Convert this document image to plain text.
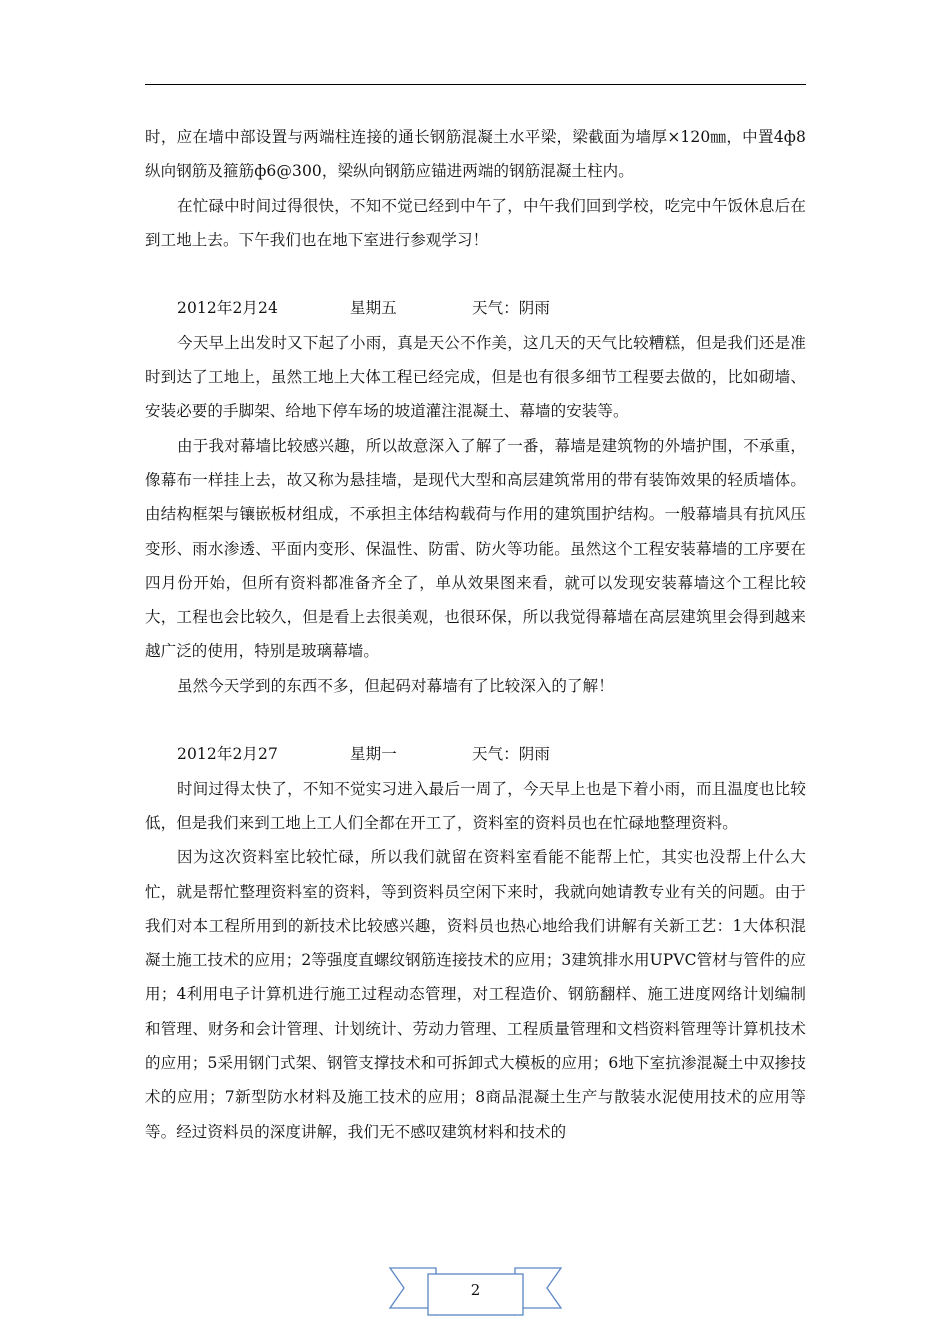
时，应在墙中部设置与两端柱连接的通长钢筋混凝土水平梁，梁截面为墙厚×120㎜，中置4ф8纵向钢筋及箍筋ф6@300，梁纵向钢筋应锚进两端的钢筋混凝土柱内。

在忙碌中时间过得很快，不知不觉已经到中午了，中午我们回到学校，吃完中午饭休息后在到工地上去。下午我们也在地下室进行参观学习！

2012年2月24	星期五	天气：阴雨

今天早上出发时又下起了小雨，真是天公不作美，这几天的天气比较糟糕，但是我们还是准时到达了工地上，虽然工地上大体工程已经完成，但是也有很多细节工程要去做的，比如砌墙、安装必要的手脚架、给地下停车场的坡道灌注混凝土、幕墙的安装等。

由于我对幕墙比较感兴趣，所以故意深入了解了一番，幕墙是建筑物的外墙护围，不承重，像幕布一样挂上去，故又称为悬挂墙，是现代大型和高层建筑常用的带有装饰效果的轻质墙体。由结构框架与镶嵌板材组成，不承担主体结构载荷与作用的建筑围护结构。一般幕墙具有抗风压变形、雨水渗透、平面内变形、保温性、防雷、防火等功能。虽然这个工程安装幕墙的工序要在四月份开始，但所有资料都准备齐全了，单从效果图来看，就可以发现安装幕墙这个工程比较大，工程也会比较久，但是看上去很美观，也很环保，所以我觉得幕墙在高层建筑里会得到越来越广泛的使用，特别是玻璃幕墙。

虽然今天学到的东西不多，但起码对幕墙有了比较深入的了解！

2012年2月27	星期一	天气：阴雨

时间过得太快了，不知不觉实习进入最后一周了，今天早上也是下着小雨，而且温度也比较低，但是我们来到工地上工人们全都在开工了，资料室的资料员也在忙碌地整理资料。

因为这次资料室比较忙碌，所以我们就留在资料室看能不能帮上忙，其实也没帮上什么大忙，就是帮忙整理资料室的资料，等到资料员空闲下来时，我就向她请教专业有关的问题。由于我们对本工程所用到的新技术比较感兴趣，资料员也热心地给我们讲解有关新工艺：1大体积混凝土施工技术的应用；2等强度直螺纹钢筋连接技术的应用；3建筑排水用UPVC管材与管件的应用；4利用电子计算机进行施工过程动态管理，对工程造价、钢筋翻样、施工进度网络计划编制和管理、财务和会计管理、计划统计、劳动力管理、工程质量管理和文档资料管理等计算机技术的应用；5采用钢门式架、钢管支撑技术和可拆卸式大模板的应用；6地下室抗渗混凝土中双掺技术的应用；7新型防水材料及施工技术的应用；8商品混凝土生产与散装水泥使用技术的应用等等。经过资料员的深度讲解，我们无不感叹建筑材料和技术的

2
